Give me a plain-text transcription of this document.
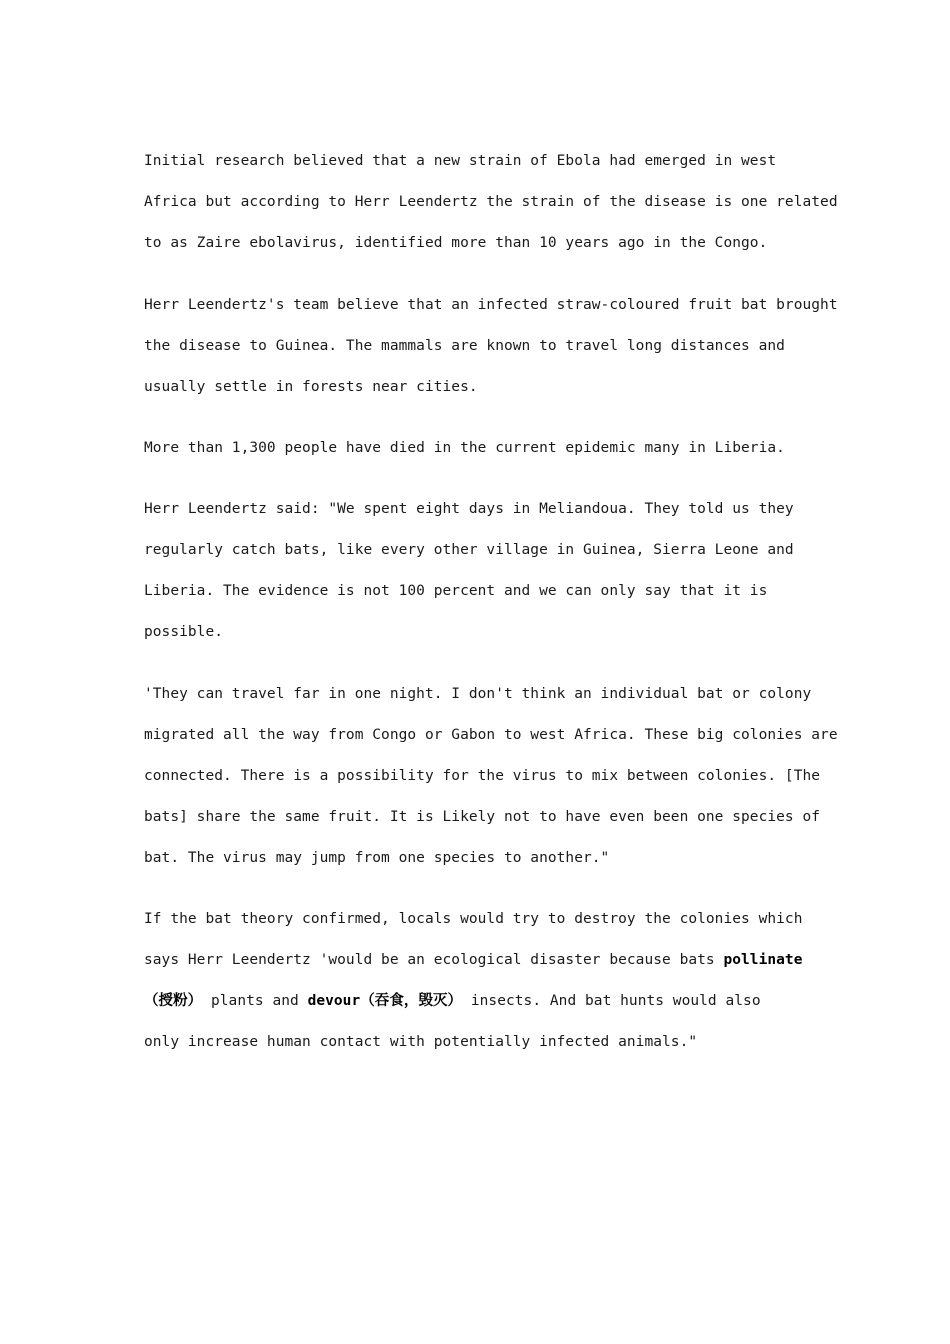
Initial research believed that a new strain of Ebola had emerged in west
Africa but according to Herr Leendertz the strain of the disease is one related
to as Zaire ebolavirus, identified more than 10 years ago in the Congo.
Herr Leendertz's team believe that an infected straw-coloured fruit bat brought
the disease to Guinea. The mammals are known to travel long distances and
usually settle in forests near cities.
More than 1,300 people have died in the current epidemic many in Liberia.
Herr Leendertz said: "We spent eight days in Meliandoua. They told us they
regularly catch bats, like every other village in Guinea, Sierra Leone and
Liberia. The evidence is not 100 percent and we can only say that it is
possible.
'They can travel far in one night. I don't think an individual bat or colony
migrated all the way from Congo or Gabon to west Africa. These big colonies are
connected. There is a possibility for the virus to mix between colonies. [The
bats] share the same fruit. It is Likely not to have even been one species of
bat. The virus may jump from one species to another."
If the bat theory confirmed, locals would try to destroy the colonies which
says Herr Leendertz 'would be an ecological disaster because bats pollinate
（授粉） plants and devour（吞食，毁灭） insects. And bat hunts would also
only increase human contact with potentially infected animals."
